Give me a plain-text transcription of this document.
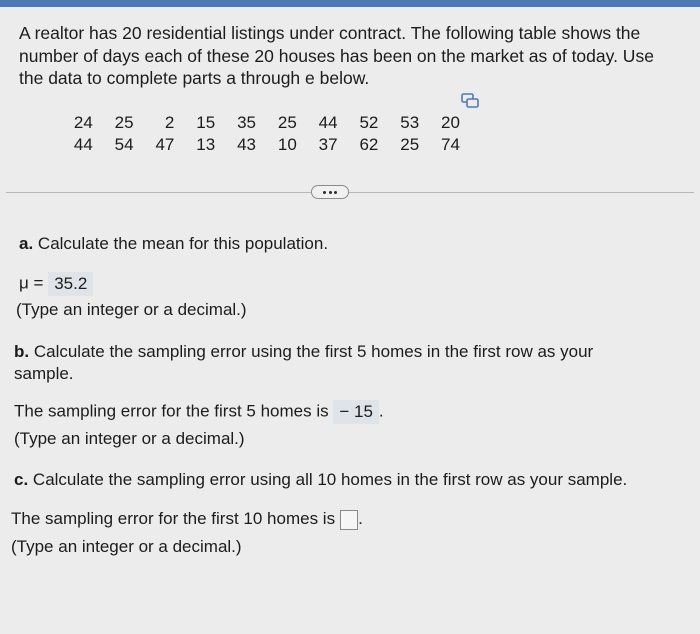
A realtor has 20 residential listings under contract. The following table shows the number of days each of these 20 houses has been on the market as of today. Use the data to complete parts a through e below.

24	25	2	15	35	25	44	52	53	20
44	54	47	13	43	10	37	62	25	74

a. Calculate the mean for this population.

μ = 35.2

(Type an integer or a decimal.)

b. Calculate the sampling error using the first 5 homes in the first row as your sample.

The sampling error for the first 5 homes is − 15 .

(Type an integer or a decimal.)

c. Calculate the sampling error using all 10 homes in the first row as your sample.

The sampling error for the first 10 homes is .

(Type an integer or a decimal.)
